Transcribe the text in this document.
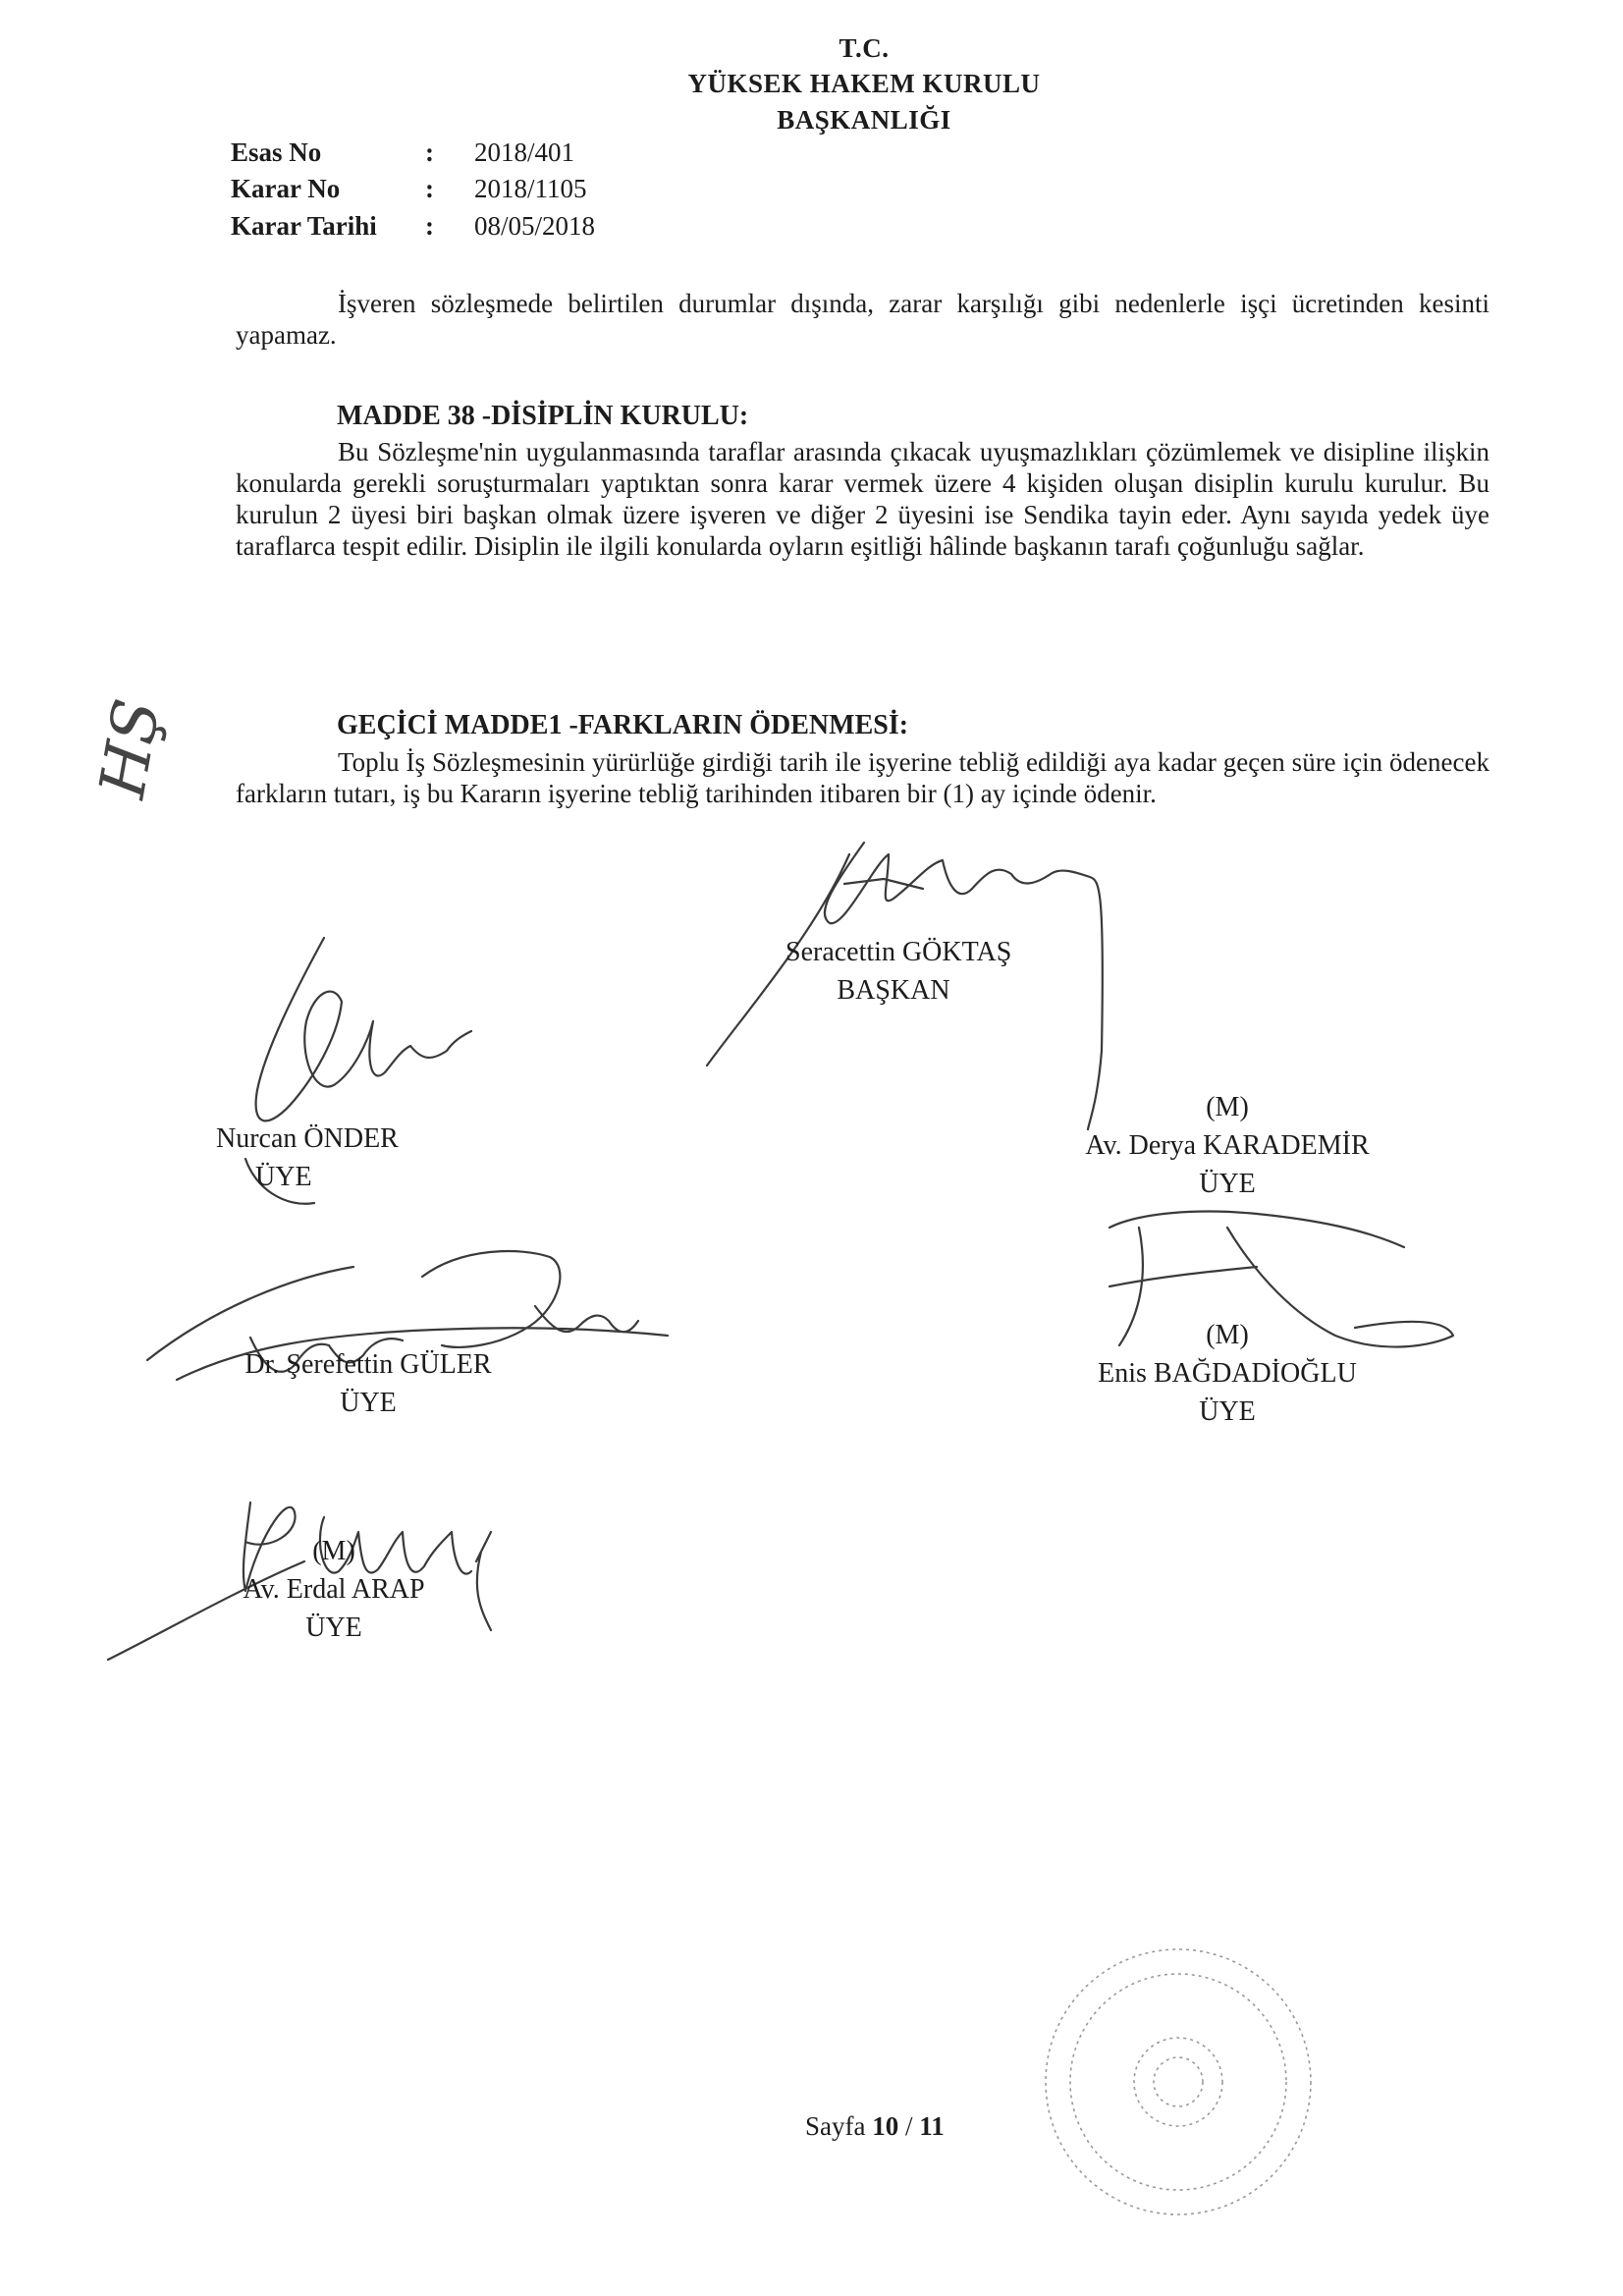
T.C.
YÜKSEK HAKEM KURULU
BAŞKANLIĞI
Esas No	: 2018/401
Karar No	: 2018/1105
Karar Tarihi : 08/05/2018
İşveren sözleşmede belirtilen durumlar dışında, zarar karşılığı gibi nedenlerle işçi ücretinden kesinti yapamaz.
MADDE 38 -DİSİPLİN KURULU:
Bu Sözleşme'nin uygulanmasında taraflar arasında çıkacak uyuşmazlıkları çözümlemek ve disipline ilişkin konularda gerekli soruşturmaları yaptıktan sonra karar vermek üzere 4 kişiden oluşan disiplin kurulu kurulur. Bu kurulun 2 üyesi biri başkan olmak üzere işveren ve diğer 2 üyesini ise Sendika tayin eder. Aynı sayıda yedek üye taraflarca tespit edilir. Disiplin ile ilgili konularda oyların eşitliği hâlinde başkanın tarafı çoğunluğu sağlar.
GEÇİCİ MADDE1 -FARKLARIN ÖDENMESİ:
Toplu İş Sözleşmesinin yürürlüğe girdiği tarih ile işyerine tebliğ edildiği aya kadar geçen süre için ödenecek farkların tutarı, iş bu Kararın işyerine tebliğ tarihinden itibaren bir (1) ay içinde ödenir.
HŞ
Seracettin GÖKTAŞ
BAŞKAN
Nurcan ÖNDER
ÜYE
(M)
Av. Derya KARADEMİR
ÜYE
Dr. Şerefettin GÜLER
ÜYE
(M)
Enis BAĞDADİOĞLU
ÜYE
(M)
Av. Erdal ARAP
ÜYE
Sayfa 10 / 11
